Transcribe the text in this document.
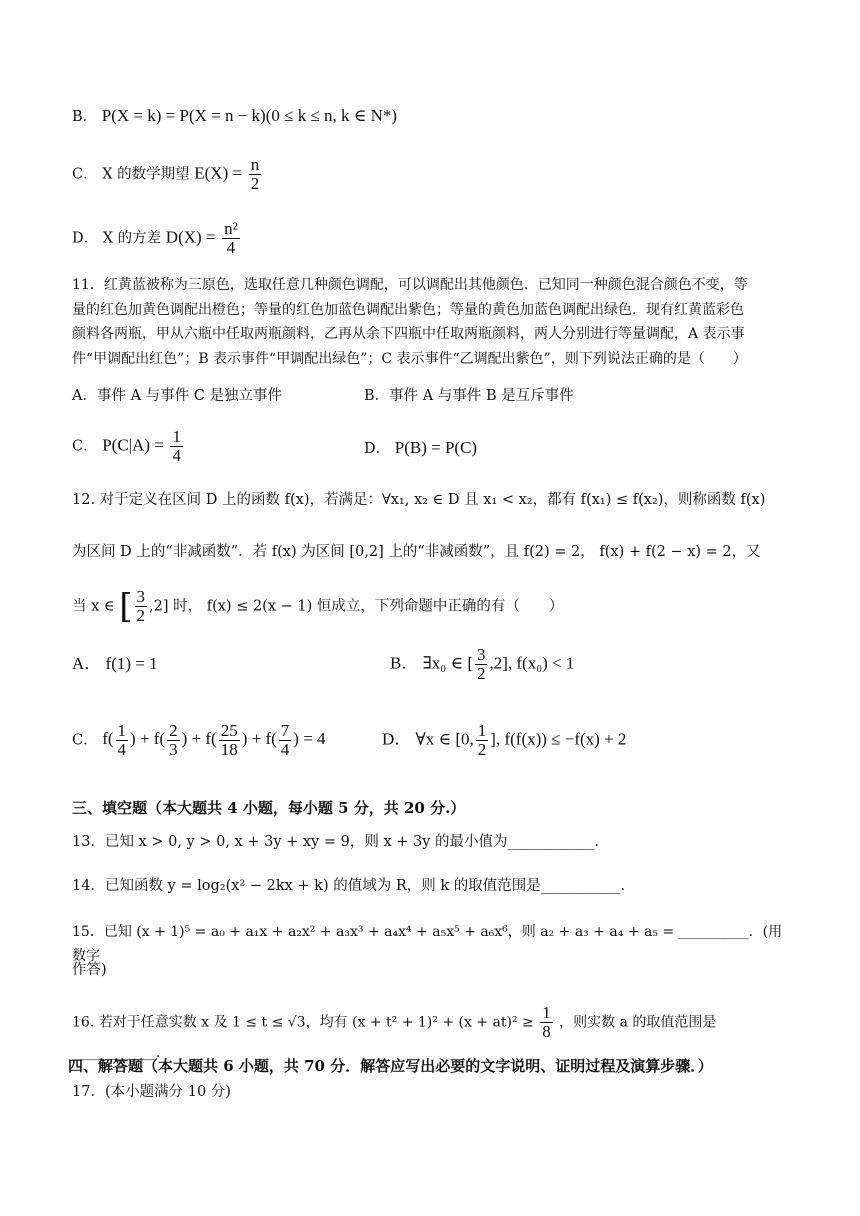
B． P(X = k) = P(X = n − k)(0 ≤ k ≤ n, k ∈ N*)
C． X 的数学期望 $E(X) = \frac{n}{2}$
D． X 的方差 $D(X) = \frac{\text{n²}}{4}$
11．红黄蓝被称为三原色，选取任意几种颜色调配，可以调配出其他颜色．已知同一种颜色混合颜色不变，等
量的红色加黄色调配出橙色；等量的红色加蓝色调配出紫色；等量的黄色加蓝色调配出绿色．现有红黄蓝彩色
颜料各两瓶，甲从六瓶中任取两瓶颜料，乙再从余下四瓶中任取两瓶颜料，两人分别进行等量调配，A 表示事
件“甲调配出红色”；B 表示事件“甲调配出绿色”；C 表示事件“乙调配出紫色”，则下列说法正确的是（　　）
A．事件 A 与事件 C 是独立事件	B．事件 A 与事件 B 是互斥事件
C． $P(C|A) = \frac{1}{4}$	D． P(B) = P(C)
12. 对于定义在区间 D 上的函数 f(x)，若满足：∀x₁, x₂ ∈ D 且 x₁ < x₂，都有 f(x₁) ≤ f(x₂)，则称函数 f(x)
为区间 D 上的“非减函数”．若 f(x) 为区间 [0,2] 上的“非减函数”，且 f(2) = 2， f(x) + f(2 − x) = 2，又
当 x ∈ [ $\frac{3}{2} ,2$] 时， f(x) ≤ 2(x − 1) 恒成立，下列命题中正确的有（　　）
A． f(1) = 1	B． ∃x₀ ∈ [ $\frac{3}{2} ,2$], f(x₀) < 1
C． $f( \frac{1}{4}$ ) + $f( \frac{2}{3}$ ) + $f( \frac{25}{18}$ ) + $f( \frac{7}{4}$ ) = 4	D． ∀x ∈ [0, $\frac{1}{2}$ ], f(f(x)) ≤ −f(x) + 2
三、填空题（本大题共 4 小题，每小题 5 分，共 20 分.）
13．已知 x > 0, y > 0, x + 3y + xy = 9，则 x + 3y 的最小值为____________．
14．已知函数 y = log₂(x² − 2kx + k) 的值域为 R，则 k 的取值范围是___________．
15．已知 (x + 1)⁵ = a₀ + a₁x + a₂x² + a₃x³ + a₄x⁴ + a₅x⁵ + a₆x⁶，则 a₂ + a₃ + a₄ + a₅ = __________．(用数字
作答)
16. 若对于任意实数 x 及 1 ≤ t ≤ √3，均有 $(x + t^2 + 1)^2 + (x + at)^2 \ge \frac{1}{8}$ ，则实数 a 的取值范围是____________．
四、解答题（本大题共 6 小题，共 70 分．解答应写出必要的文字说明、证明过程及演算步骤．）
17．(本小题满分 10 分)
